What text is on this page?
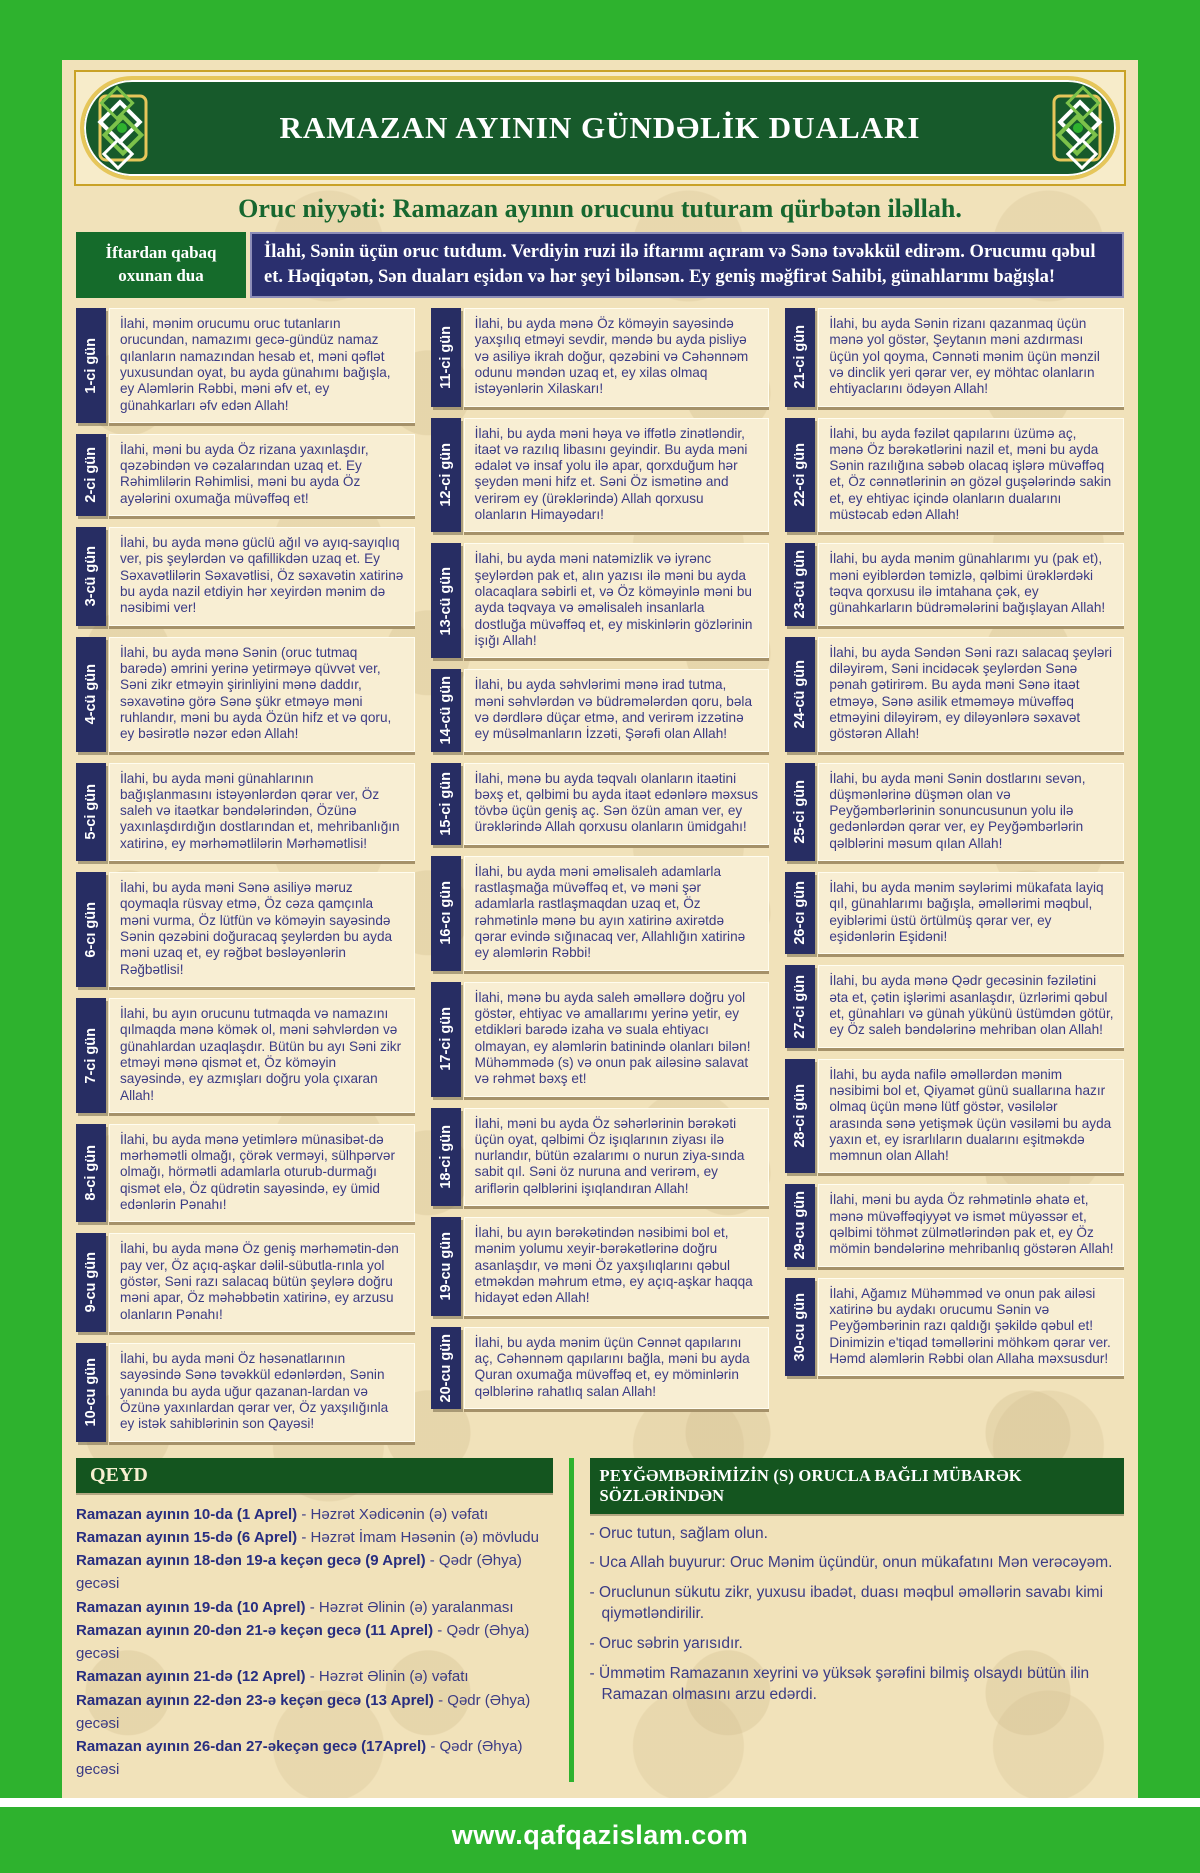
RAMAZAN AYININ GÜNDƏLİK DUALARI
Oruc niyyəti: Ramazan ayının orucunu tuturam qürbətən iləllah.
İftardan qabaq
oxunan dua
İlahi, Sənin üçün oruc tutdum. Verdiyin ruzi ilə iftarımı açıram və Sənə təvəkkül edirəm. Orucumu qəbul et. Həqiqətən, Sən duaları eşidən və hər şeyi bilənsən. Ey geniş məğfirət Sahibi, günahlarımı bağışla!
1-ci gün
İlahi, mənim orucumu oruc tutanların orucundan, namazımı gecə-gündüz namaz qılanların namazından hesab et, məni qəflət yuxusundan oyat, bu ayda günahımı bağışla, ey Aləmlərin Rəbbi, məni əfv et, ey günahkarları əfv edən Allah!
2-ci gün	İlahi, məni bu ayda Öz rizana yaxınlaşdır, qəzəbindən və cəzalarından uzaq et. Ey Rəhimlilərin Rəhimlisi, məni bu ayda Öz ayələrini oxumağa müvəffəq et!
3-cü gün
İlahi, bu ayda mənə güclü ağıl və ayıq-sayıqlıq ver, pis şeylərdən və qafillikdən uzaq et. Ey Səxavətlilərin Səxavətlisi, Öz səxavətin xatirinə bu ayda nazil etdiyin hər xeyirdən mənim də nəsibimi ver!
4-cü gün
İlahi, bu ayda mənə Sənin (oruc tutmaq barədə) əmrini yerinə yetirməyə qüvvət ver, Səni zikr etməyin şirinliyini mənə daddır, səxavətinə görə Sənə şükr etməyə məni ruhlandır, məni bu ayda Özün hifz et və qoru, ey bəsirətlə nəzər edən Allah!
5-ci gün
İlahi, bu ayda məni günahlarının bağışlanmasını istəyənlərdən qərar ver, Öz saleh və itaətkar bəndələrindən, Özünə yaxınlaşdırdığın dostlarından et, mehribanlığın xatirinə, ey mərhəmətlilərin Mərhəmətlisi!
6-cı gün
İlahi, bu ayda məni Sənə asiliyə məruz qoymaqla rüsvay etmə, Öz cəza qamçınla məni vurma, Öz lütfün və köməyin sayəsində Sənin qəzəbini doğuracaq şeylərdən bu ayda məni uzaq et, ey rəğbət bəsləyənlərin Rəğbətlisi!
7-ci gün
İlahi, bu ayın orucunu tutmaqda və namazını qılmaqda mənə kömək ol, məni səhvlərdən və günahlardan uzaqlaşdır. Bütün bu ayı Səni zikr etməyi mənə qismət et, Öz köməyin sayəsində, ey azmışları doğru yola çıxaran Allah!
8-ci gün
İlahi, bu ayda mənə yetimlərə münasibət-də mərhəmətli olmağı, çörək verməyi, sülhpərvər olmağı, hörmətli adamlarla oturub-durmağı qismət elə, Öz qüdrətin sayəsində, ey ümid edənlərin Pənahı!
9-cu gün
İlahi, bu ayda mənə Öz geniş mərhəmətin-dən pay ver, Öz açıq-aşkar dəlil-sübutla-rınla yol göstər, Səni razı salacaq bütün şeylərə doğru məni apar, Öz məhəbbətin xatirinə, ey arzusu olanların Pənahı!
10-cu gün	İlahi, bu ayda məni Öz həsənatlarının sayəsində Sənə təvəkkül edənlərdən, Sənin yanında bu ayda uğur qazanan-lardan və Özünə yaxınlardan qərar ver, Öz yaxşılığınla ey istək sahiblərinin son Qayəsi!
11-ci gün
İlahi, bu ayda mənə Öz köməyin sayəsində yaxşılıq etməyi sevdir, məndə bu ayda pisliyə və asiliyə ikrah doğur, qəzəbini və Cəhənnəm odunu məndən uzaq et, ey xilas olmaq istəyənlərin Xilaskarı!
12-ci gün
İlahi, bu ayda məni həya və iffətlə zinətləndir, itaət və razılıq libasını geyindir. Bu ayda məni ədalət və insaf yolu ilə apar, qorxduğum hər şeydən məni hifz et. Səni Öz ismətinə and verirəm ey (ürəklərində) Allah qorxusu olanların Himayədarı!
13-cü gün
İlahi, bu ayda məni natəmizlik və iyrənc şeylərdən pak et, alın yazısı ilə məni bu ayda olacaqlara səbirli et, və Öz köməyinlə məni bu ayda təqvaya və əməlisaleh insanlarla dostluğa müvəffəq et, ey miskinlərin gözlərinin işığı Allah!
14-cü gün	İlahi, bu ayda səhvlərimi mənə irad tutma, məni səhvlərdən və büdrəmələrdən qoru, bəla və dərdlərə düçar etmə, and verirəm izzətinə ey müsəlmanların İzzəti, Şərəfi olan Allah!
15-ci gün	İlahi, mənə bu ayda təqvalı olanların itaətini bəxş et, qəlbimi bu ayda itaət edənlərə məxsus tövbə üçün geniş aç. Sən özün aman ver, ey ürəklərində Allah qorxusu olanların ümidgahı!
16-cı gün
İlahi, bu ayda məni əməlisaleh adamlarla rastlaşmağa müvəffəq et, və məni şər adamlarla rastlaşmaqdan uzaq et, Öz rəhmətinlə mənə bu ayın xatirinə axirətdə qərar evində sığınacaq ver, Allahlığın xatirinə ey aləmlərin Rəbbi!
17-ci gün
İlahi, mənə bu ayda saleh əməllərə doğru yol göstər, ehtiyac və amallarımı yerinə yetir, ey etdikləri barədə izaha və suala ehtiyacı olmayan, ey aləmlərin batinində olanları bilən! Mühəmmədə (s) və onun pak ailəsinə salavat və rəhmət bəxş et!
18-ci gün
İlahi, məni bu ayda Öz səhərlərinin bərəkəti üçün oyat, qəlbimi Öz işıqlarının ziyası ilə nurlandır, bütün əzalarımı o nurun ziya-sında sabit qıl. Səni öz nuruna and verirəm, ey ariflərin qəlblərini işıqlandıran Allah!
19-cu gün	İlahi, bu ayın bərəkətindən nəsibimi bol et, mənim yolumu xeyir-bərəkətlərinə doğru asanlaşdır, və məni Öz yaxşılıqlarını qəbul etməkdən məhrum etmə, ey açıq-aşkar haqqa hidayət edən Allah!
20-cu gün	İlahi, bu ayda mənim üçün Cənnət qapılarını aç, Cəhənnəm qapılarını bağla, məni bu ayda Quran oxumağa müvəffəq et, ey möminlərin qəlblərinə rahatlıq salan Allah!
21-ci gün
İlahi, bu ayda Sənin rizanı qazanmaq üçün mənə yol göstər, Şeytanın məni azdırması üçün yol qoyma, Cənnəti mənim üçün mənzil və dinclik yeri qərar ver, ey möhtac olanların ehtiyaclarını ödəyən Allah!
22-ci gün
İlahi, bu ayda fəzilət qapılarını üzümə aç, mənə Öz bərəkətlərini nazil et, məni bu ayda Sənin razılığına səbəb olacaq işlərə müvəffəq et, Öz cənnətlərinin ən gözəl guşələrində sakin et, ey ehtiyac içində olanların dualarını müstəcab edən Allah!
23-cü gün	İlahi, bu ayda mənim günahlarımı yu (pak et), məni eyiblərdən təmizlə, qəlbimi ürəklərdəki təqva qorxusu ilə imtahana çək, ey günahkarların büdrəmələrini bağışlayan Allah!
24-cü gün
İlahi, bu ayda Səndən Səni razı salacaq şeyləri diləyirəm, Səni incidəcək şeylərdən Sənə pənah gətirirəm. Bu ayda məni Sənə itaət etməyə, Sənə asilik etməməyə müvəffəq etməyini diləyirəm, ey diləyənlərə səxavət göstərən Allah!
25-ci gün
İlahi, bu ayda məni Sənin dostlarını sevən, düşmənlərinə düşmən olan və Peyğəmbərlərinin sonuncusunun yolu ilə gedənlərdən qərar ver, ey Peyğəmbərlərin qəlblərini məsum qılan Allah!
26-cı gün	İlahi, bu ayda mənim səylərimi mükafata layiq qıl, günahlarımı bağışla, əməllərimi məqbul, eyiblərimi üstü örtülmüş qərar ver, ey eşidənlərin Eşidəni!
27-ci gün	İlahi, bu ayda mənə Qədr gecəsinin fəzilətini əta et, çətin işlərimi asanlaşdır, üzrlərimi qəbul et, günahları və günah yükünü üstümdən götür, ey Öz saleh bəndələrinə mehriban olan Allah!
28-ci gün
İlahi, bu ayda nafilə əməllərdən mənim nəsibimi bol et, Qiyamət günü suallarına hazır olmaq üçün mənə lütf göstər, vəsilələr arasında sənə yetişmək üçün vəsiləmi bu ayda yaxın et, ey israrlıların dualarını eşitməkdə məmnun olan Allah!
29-cu gün	İlahi, məni bu ayda Öz rəhmətinlə əhatə et, mənə müvəffəqiyyət və ismət müyəssər et, qəlbimi töhmət zülmətlərindən pak et, ey Öz mömin bəndələrinə mehribanlıq göstərən Allah!
30-cu gün	İlahi, Ağamız Mühəmməd və onun pak ailəsi xatirinə bu aydakı orucumu Sənin və Peyğəmbərinin razı qaldığı şəkildə qəbul et! Dinimizin e'tiqad təməllərini möhkəm qərar ver. Həmd aləmlərin Rəbbi olan Allaha məxsusdur!
QEYD
Ramazan ayının 10-da (1 Aprel) - Həzrət Xədicənin (ə) vəfatı
Ramazan ayının 15-də (6 Aprel) - Həzrət İmam Həsənin (ə) mövludu
Ramazan ayının 18-dən 19-a keçən gecə (9 Aprel) - Qədr (Əhya) gecəsi
Ramazan ayının 19-da (10 Aprel) - Həzrət Əlinin (ə) yaralanması
Ramazan ayının 20-dən 21-ə keçən gecə (11 Aprel) - Qədr (Əhya) gecəsi
Ramazan ayının 21-də (12 Aprel) - Həzrət Əlinin (ə) vəfatı
Ramazan ayının 22-dən 23-ə keçən gecə (13 Aprel) - Qədr (Əhya) gecəsi
Ramazan ayının 26-dan 27-əkeçən gecə (17Aprel) - Qədr (Əhya) gecəsi
PEYĞƏMBƏRİMİZİN (S) ORUCLA BAĞLI MÜBARƏK SÖZLƏRİNDƏN
- Oruc tutun, sağlam olun.
- Uca Allah buyurur: Oruc Mənim üçündür, onun mükafatını Mən verəcəyəm.
- Oruclunun sükutu zikr, yuxusu ibadət, duası məqbul əməllərin savabı kimi qiymətləndirilir.
- Oruc səbrin yarısıdır.
- Ümmətim Ramazanın xeyrini və yüksək şərəfini bilmiş olsaydı bütün ilin Ramazan olmasını arzu edərdi.
www.qafqazislam.com
